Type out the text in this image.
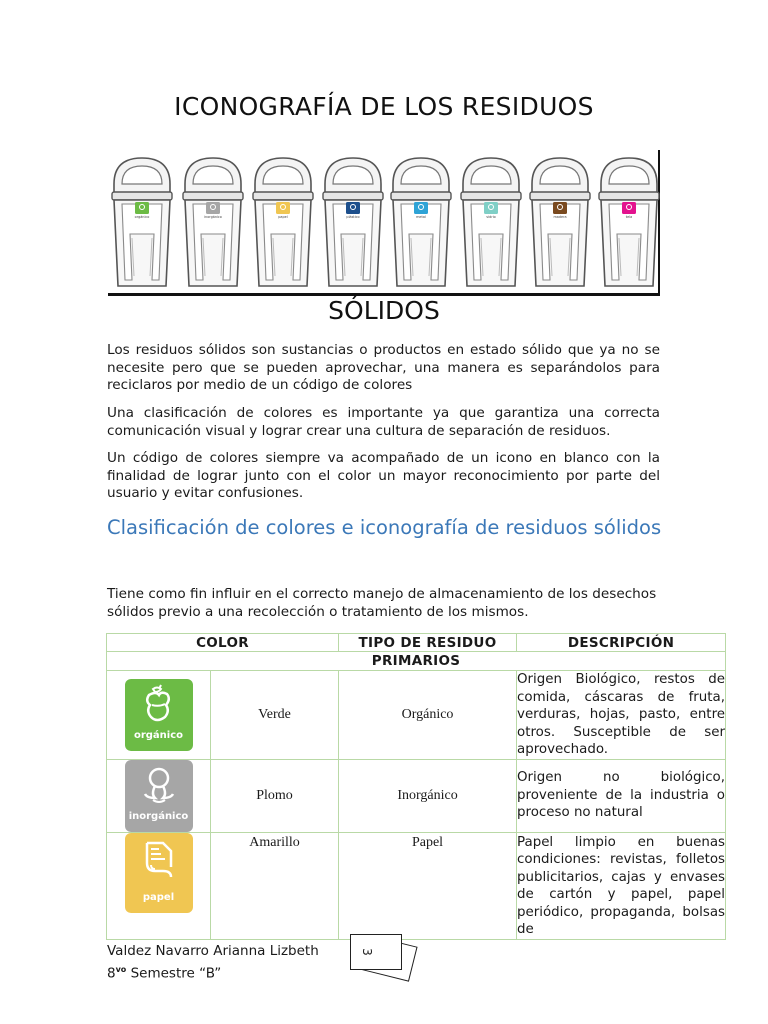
ICONOGRAFÍA DE LOS RESIDUOS
orgánico	inorgánico	papel	plástico	metal	vidrio	madera	tela
SÓLIDOS

Los residuos sólidos son sustancias o productos en estado sólido que ya no se necesite pero que se pueden aprovechar, una manera es separándolos para reciclaros por medio de un código de colores

Una clasificación de colores es importante ya que garantiza una correcta comunicación visual y lograr crear una cultura de separación de residuos.

Un código de colores siempre va acompañado de un icono en blanco con la finalidad de lograr junto con el color un mayor reconocimiento por parte del usuario y evitar confusiones.

Clasificación de colores e iconografía de residuos sólidos

Tiene como fin influir en el correcto manejo de almacenamiento de los desechos sólidos previo a una recolección o tratamiento de los mismos.

COLOR		TIPO DE RESIDUO	DESCRIPCIÓN
PRIMARIOS			

orgánico	Verde	Orgánico	Origen Biológico, restos de comida, cáscaras de fruta, verduras, hojas, pasto, entre otros. Susceptible de ser aprovechado.

inorgánico	Plomo	Inorgánico	Origen no biológico, proveniente de la industria o proceso no natural

papel	Amarillo	Papel	Papel limpio en buenas condiciones: revistas, folletos publicitarios, cajas y envases de cartón y papel, papel periódico, propaganda, bolsas de
Valdez Navarro Arianna Lizbeth
$8^{vo}$ Semestre “B”
3
